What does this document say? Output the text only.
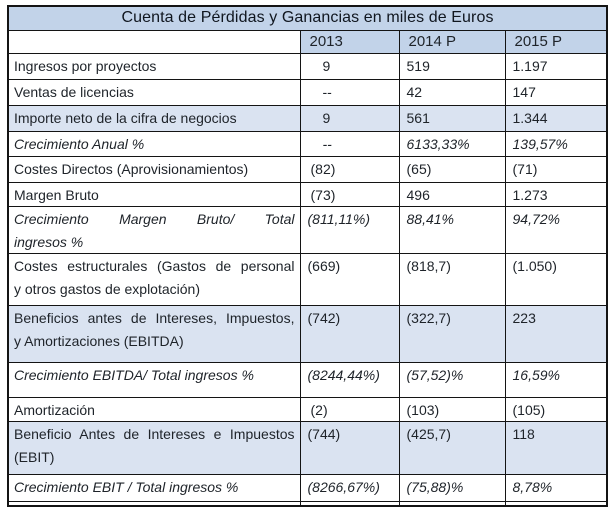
Cuenta de Pérdidas y Ganancias en miles de Euros			
	2013	2014 P	2015 P
Ingresos por proyectos	9	519	1.197
Ventas de licencias	--	42	147
Importe neto de la cifra de negocios	9	561	1.344
Crecimiento Anual %	--	6133,33%	139,57%
Costes Directos (Aprovisionamientos)	(82)	(65)	(71)
Margen Bruto	(73)	496	1.273

Crecimiento Margen Bruto/ Total
ingresos %	(811,11%)	88,41%	94,72%

Costes estructurales (Gastos de personal
y otros gastos de explotación)	(669)	(818,7)	(1.050)

Beneficios antes de Intereses, Impuestos,
y Amortizaciones (EBITDA)	(742)	(322,7)	223
Crecimiento EBITDA/ Total ingresos %	(8244,44%)	(57,52)%	16,59%
Amortización	(2)	(103)	(105)

Beneficio Antes de Intereses e Impuestos
(EBIT)	(744)	(425,7)	118
Crecimiento EBIT / Total ingresos %	(8266,67%)	(75,88)%	8,78%
